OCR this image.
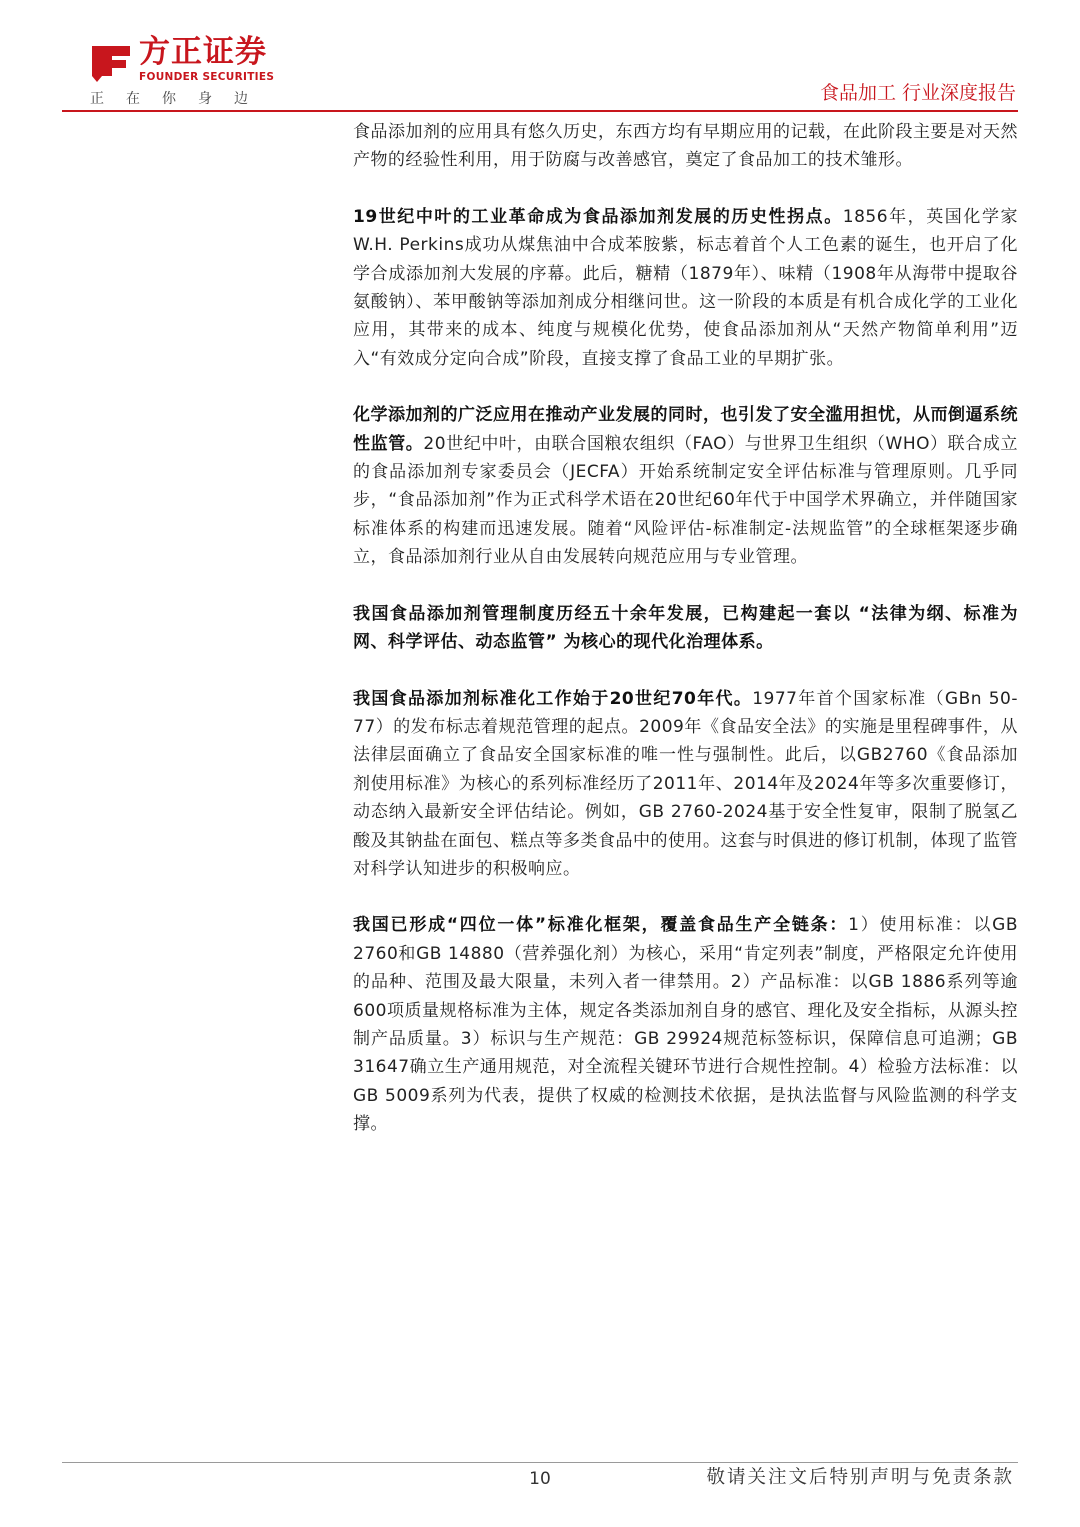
方正证券
FOUNDER SECURITIES
正在你身边	食品加工 行业深度报告

食品添加剂的应用具有悠久历史，东西方均有早期应用的记载，在此阶段主要是对天然产物的经验性利用，用于防腐与改善感官，奠定了食品加工的技术雏形。

19世纪中叶的工业革命成为食品添加剂发展的历史性拐点。1856年，英国化学家W.H. Perkins成功从煤焦油中合成苯胺紫，标志着首个人工色素的诞生，也开启了化学合成添加剂大发展的序幕。此后，糖精（1879年）、味精（1908年从海带中提取谷氨酸钠）、苯甲酸钠等添加剂成分相继问世。这一阶段的本质是有机合成化学的工业化应用，其带来的成本、纯度与规模化优势，使食品添加剂从“天然产物简单利用”迈入“有效成分定向合成”阶段，直接支撑了食品工业的早期扩张。

化学添加剂的广泛应用在推动产业发展的同时，也引发了安全滥用担忧，从而倒逼系统性监管。20世纪中叶，由联合国粮农组织（FAO）与世界卫生组织（WHO）联合成立的食品添加剂专家委员会（JECFA）开始系统制定安全评估标准与管理原则。几乎同步，“食品添加剂”作为正式科学术语在20世纪60年代于中国学术界确立，并伴随国家标准体系的构建而迅速发展。随着“风险评估-标准制定-法规监管”的全球框架逐步确立，食品添加剂行业从自由发展转向规范应用与专业管理。

我国食品添加剂管理制度历经五十余年发展，已构建起一套以 “法律为纲、标准为网、科学评估、动态监管” 为核心的现代化治理体系。

我国食品添加剂标准化工作始于20世纪70年代。1977年首个国家标准（GBn 50-77）的发布标志着规范管理的起点。2009年《食品安全法》的实施是里程碑事件，从法律层面确立了食品安全国家标准的唯一性与强制性。此后，以GB2760《食品添加剂使用标准》为核心的系列标准经历了2011年、2014年及2024年等多次重要修订，动态纳入最新安全评估结论。例如，GB 2760-2024基于安全性复审，限制了脱氢乙酸及其钠盐在面包、糕点等多类食品中的使用。这套与时俱进的修订机制，体现了监管对科学认知进步的积极响应。

我国已形成“四位一体”标准化框架，覆盖食品生产全链条：1）使用标准：以GB 2760和GB 14880（营养强化剂）为核心，采用“肯定列表”制度，严格限定允许使用的品种、范围及最大限量，未列入者一律禁用。2）产品标准：以GB 1886系列等逾600项质量规格标准为主体，规定各类添加剂自身的感官、理化及安全指标，从源头控制产品质量。3）标识与生产规范：GB 29924规范标签标识，保障信息可追溯；GB 31647确立生产通用规范，对全流程关键环节进行合规性控制。4）检验方法标准：以GB 5009系列为代表，提供了权威的检测技术依据，是执法监督与风险监测的科学支撑。

10	敬请关注文后特别声明与免责条款
